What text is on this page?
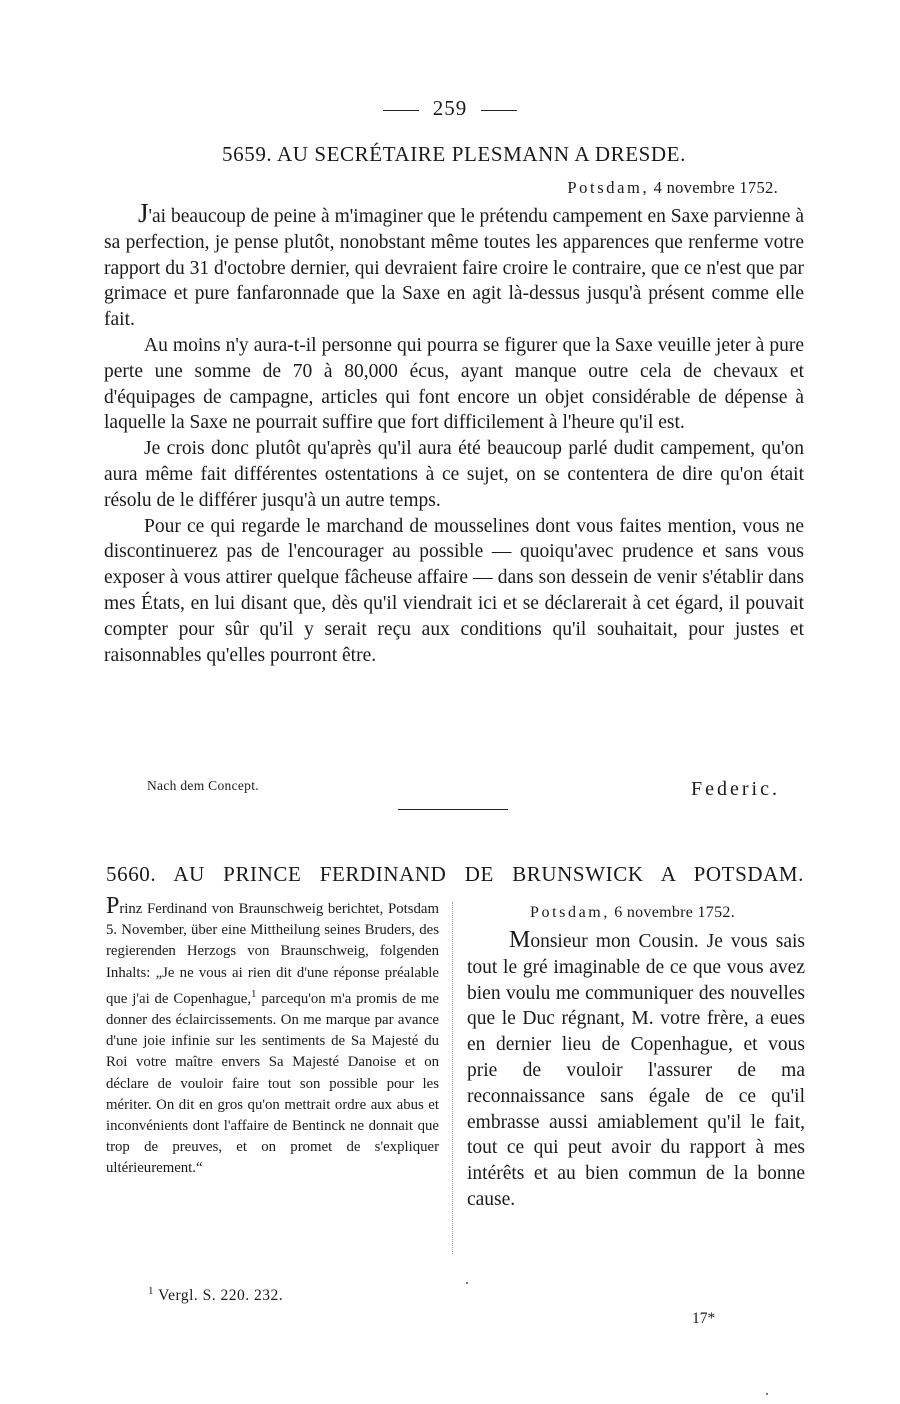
259
5659. AU SECRÉTAIRE PLESMANN A DRESDE.
Potsdam, 4 novembre 1752.

J'ai beaucoup de peine à m'imaginer que le prétendu campement en Saxe parvienne à sa perfection, je pense plutôt, nonobstant même toutes les apparences que renferme votre rapport du 31 d'octobre dernier, qui devraient faire croire le contraire, que ce n'est que par grimace et pure fanfaronnade que la Saxe en agit là-dessus jusqu'à présent comme elle fait.

Au moins n'y aura-t-il personne qui pourra se figurer que la Saxe veuille jeter à pure perte une somme de 70 à 80,000 écus, ayant manque outre cela de chevaux et d'équipages de campagne, articles qui font encore un objet considérable de dépense à laquelle la Saxe ne pourrait suffire que fort difficilement à l'heure qu'il est.

Je crois donc plutôt qu'après qu'il aura été beaucoup parlé dudit campement, qu'on aura même fait différentes ostentations à ce sujet, on se contentera de dire qu'on était résolu de le différer jusqu'à un autre temps.

Pour ce qui regarde le marchand de mousselines dont vous faites mention, vous ne discontinuerez pas de l'encourager au possible — quoiqu'avec prudence et sans vous exposer à vous attirer quelque fâcheuse affaire — dans son dessein de venir s'établir dans mes États, en lui disant que, dès qu'il viendrait ici et se déclarerait à cet égard, il pouvait compter pour sûr qu'il y serait reçu aux conditions qu'il souhaitait, pour justes et raisonnables qu'elles pourront être.

Nach dem Concept.	Federic.
5660. AU PRINCE FERDINAND DE BRUNSWICK A POTSDAM.

Prinz Ferdinand von Braunschweig berichtet, Potsdam 5. November, über eine Mittheilung seines Bruders, des regierenden Herzogs von Braunschweig, folgenden Inhalts: „Je ne vous ai rien dit d'une réponse préalable que j'ai de Copenhague,$^1$ parcequ'on m'a promis de me donner des éclaircissements. On me marque par avance d'une joie infinie sur les sentiments de Sa Majesté du Roi votre maître envers Sa Majesté Danoise et on déclare de vouloir faire tout son possible pour les mériter. On dit en gros qu'on mettrait ordre aux abus et inconvénients dont l'affaire de Bentinck ne donnait que trop de preuves, et on promet de s'expliquer ultérieurement.“

Potsdam, 6 novembre 1752.

Monsieur mon Cousin. Je vous sais tout le gré imaginable de ce que vous avez bien voulu me communiquer des nouvelles que le Duc régnant, M. votre frère, a eues en dernier lieu de Copenhague, et vous prie de vouloir l'assurer de ma reconnaissance sans égale de ce qu'il embrasse aussi amiablement qu'il le fait, tout ce qui peut avoir du rapport à mes intérêts et au bien commun de la bonne cause.

$^1$ Vergl. S. 220. 232.
17*
